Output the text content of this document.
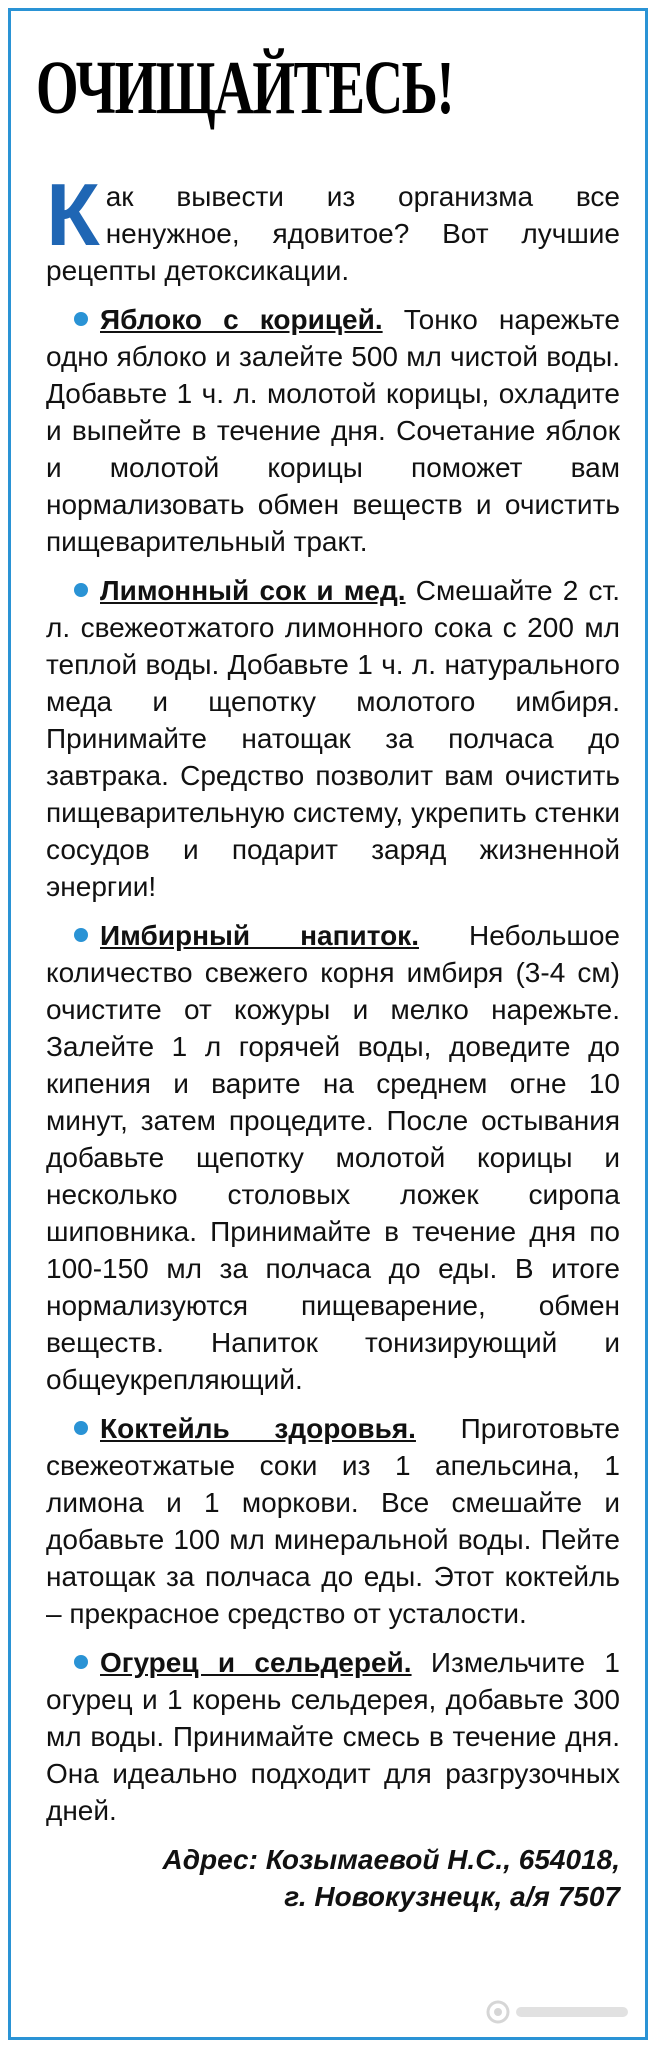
ОЧИЩАЙТЕСЬ!

Как вывести из организма все ненужное, ядовитое? Вот лучшие рецепты детоксикации.

Яблоко с корицей. Тонко нарежьте одно яблоко и залейте 500 мл чистой воды. Добавьте 1 ч. л. молотой корицы, охладите и выпейте в течение дня. Сочетание яблок и молотой корицы поможет вам нормализовать обмен веществ и очистить пищеварительный тракт.

Лимонный сок и мед. Смешайте 2 ст. л. свежеотжатого лимонного сока с 200 мл теплой воды. Добавьте 1 ч. л. натурального меда и щепотку молотого имбиря. Принимайте натощак за полчаса до завтрака. Средство позволит вам очистить пищеварительную систему, укрепить стенки сосудов и подарит заряд жизненной энергии!

Имбирный напиток. Небольшое количество свежего корня имбиря (3-4 см) очистите от кожуры и мелко нарежьте. Залейте 1 л горячей воды, доведите до кипения и варите на среднем огне 10 минут, затем процедите. После остывания добавьте щепотку молотой корицы и несколько столовых ложек сиропа шиповника. Принимайте в течение дня по 100-150 мл за полчаса до еды. В итоге нормализуются пищеварение, обмен веществ. Напиток тонизирующий и общеукрепляющий.

Коктейль здоровья. Приготовьте свежеотжатые соки из 1 апельсина, 1 лимона и 1 моркови. Все смешайте и добавьте 100 мл минеральной воды. Пейте натощак за полчаса до еды. Этот коктейль – прекрасное средство от усталости.

Огурец и сельдерей. Измельчите 1 огурец и 1 корень сельдерея, добавьте 300 мл воды. Принимайте смесь в течение дня. Она идеально подходит для разгрузочных дней.

Адрес: Козымаевой Н.С., 654018,
г. Новокузнецк, а/я 7507
